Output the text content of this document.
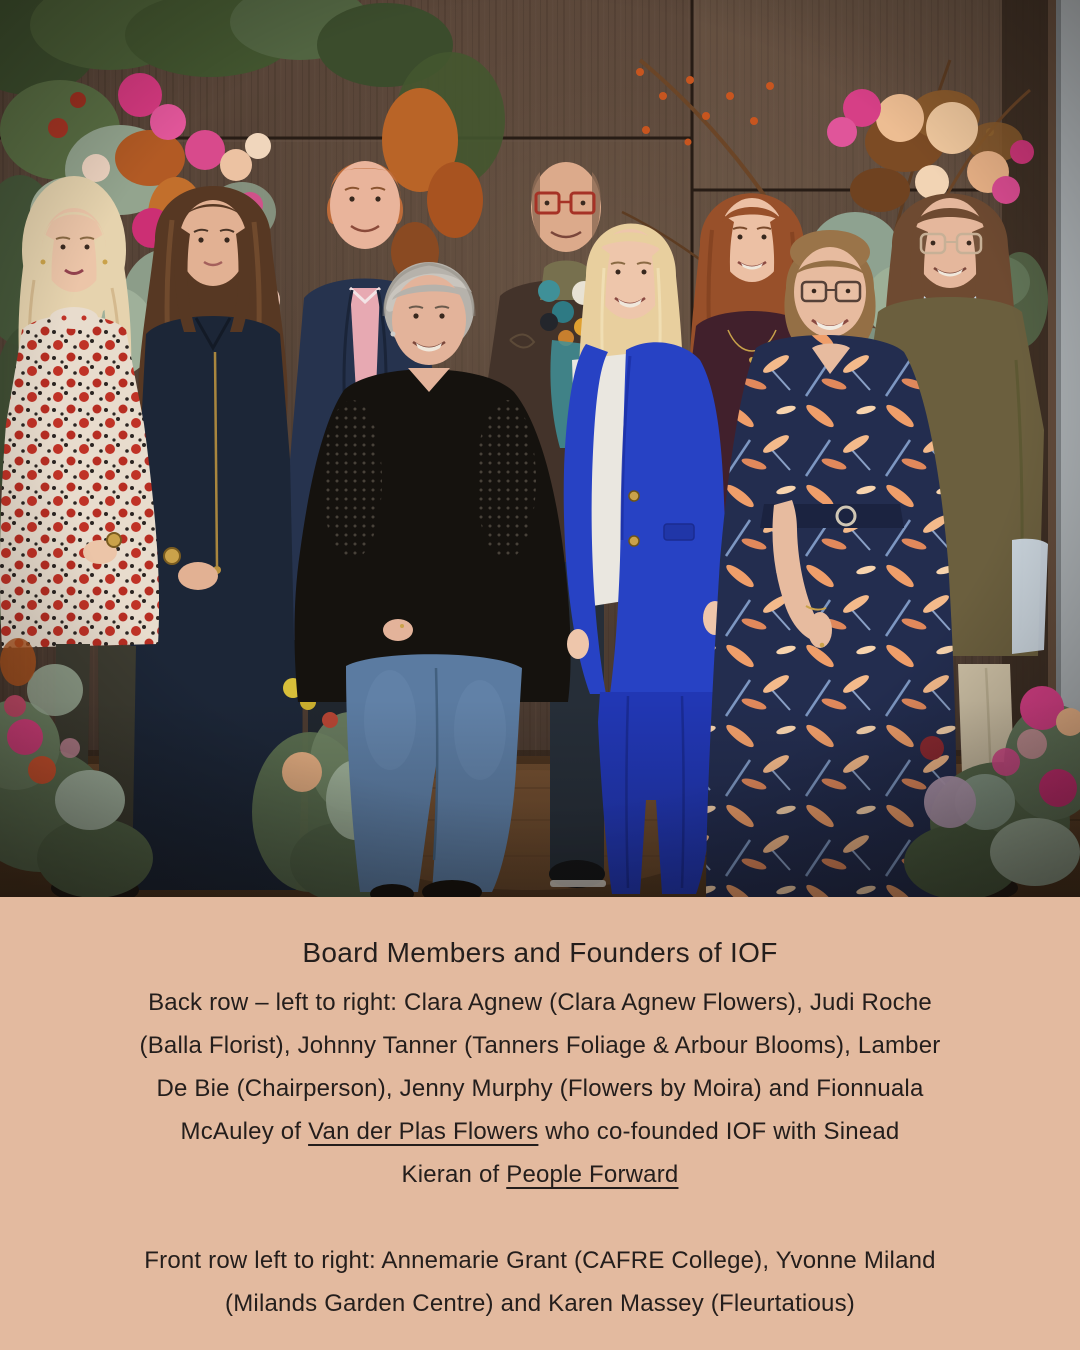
Board Members and Founders of IOF
Back row – left to right: Clara Agnew (Clara Agnew Flowers), Judi Roche
(Balla Florist), Johnny Tanner (Tanners Foliage & Arbour Blooms), Lamber
De Bie (Chairperson), Jenny Murphy (Flowers by Moira) and Fionnuala
McAuley of Van der Plas Flowers who co-founded IOF with Sinead
Kieran of People Forward
Front row left to right: Annemarie Grant (CAFRE College), Yvonne Miland
(Milands Garden Centre) and Karen Massey (Fleurtatious)
